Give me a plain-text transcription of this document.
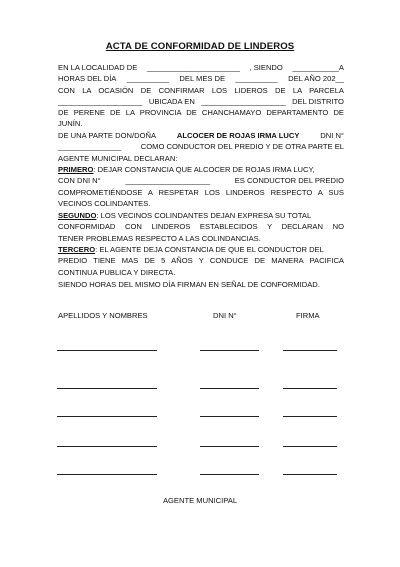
ACTA DE CONFORMIDAD DE LINDEROS

EN LA LOCALIDAD DE ______________________ , SIENDO ___________A

HORAS DEL DÍA __________ DEL MES DE __________ DEL AÑO 202__

CON LA OCASIÓN DE CONFIRMAR LOS LIDEROS DE LA PARCELA

____________________ UBICADA EN ____________________ DEL DISTRITO

DE PERENE DE LA PROVINCIA DE CHANCHAMAYO DEPARTAMENTO DE

JUNÍN.

DE UNA PARTE DON/DOÑA	ALCOCER DE ROJAS IRMA LUCY	DNI N°

_______________	COMO CONDUCTOR DEL PREDIO Y DE OTRA PARTE EL

AGENTE MUNICIPAL DECLARAN:

PRIMERO: DEJAR CONSTANCIA QUE ALCOCER DE ROJAS IRMA LUCY,

CON DNI N°	____________________	ES CONDUCTOR DEL PREDIO

COMPROMETIÉNDOSE A RESPETAR LOS LINDEROS RESPECTO A SUS

VECINOS COLINDANTES.

SEGUNDO: LOS VECINOS COLINDANTES DEJAN EXPRESA SU TOTAL

CONFORMIDAD CON LINDEROS ESTABLECIDOS Y DECLARAN NO

TENER PROBLEMAS RESPECTO A LAS COLINDANCIAS.

TERCERO: EL AGENTE DEJA CONSTANCIA DE QUE EL CONDUCTOR DEL

PREDIO TIENE MAS DE 5 AÑOS Y CONDUCE DE MANERA PACIFICA

CONTINUA PUBLICA Y DIRECTA.

SIENDO HORAS DEL MISMO DÍA FIRMAN EN SEÑAL DE CONFORMIDAD.

APELLIDOS Y NOMBRES	DNI N°	FIRMA
AGENTE MUNICIPAL
